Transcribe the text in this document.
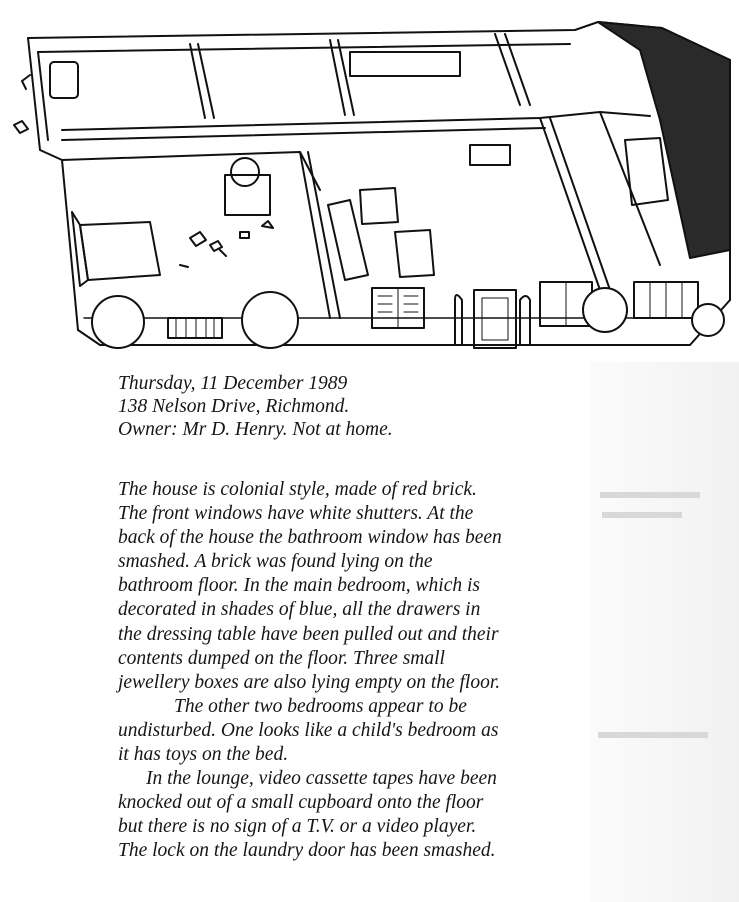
Thursday, 11 December 1989
138 Nelson Drive, Richmond.
Owner: Mr D. Henry. Not at home.

The house is colonial style, made of red brick.
The front windows have white shutters. At the
back of the house the bathroom window has been
smashed. A brick was found lying on the
bathroom floor. In the main bedroom, which is
decorated in shades of blue, all the drawers in
the dressing table have been pulled out and their
contents dumped on the floor. Three small
jewellery boxes are also lying empty on the floor.

The other two bedrooms appear to be
undisturbed. One looks like a child's bedroom as
it has toys on the bed.

In the lounge, video cassette tapes have been
knocked out of a small cupboard onto the floor
but there is no sign of a T.V. or a video player.
The lock on the laundry door has been smashed.
